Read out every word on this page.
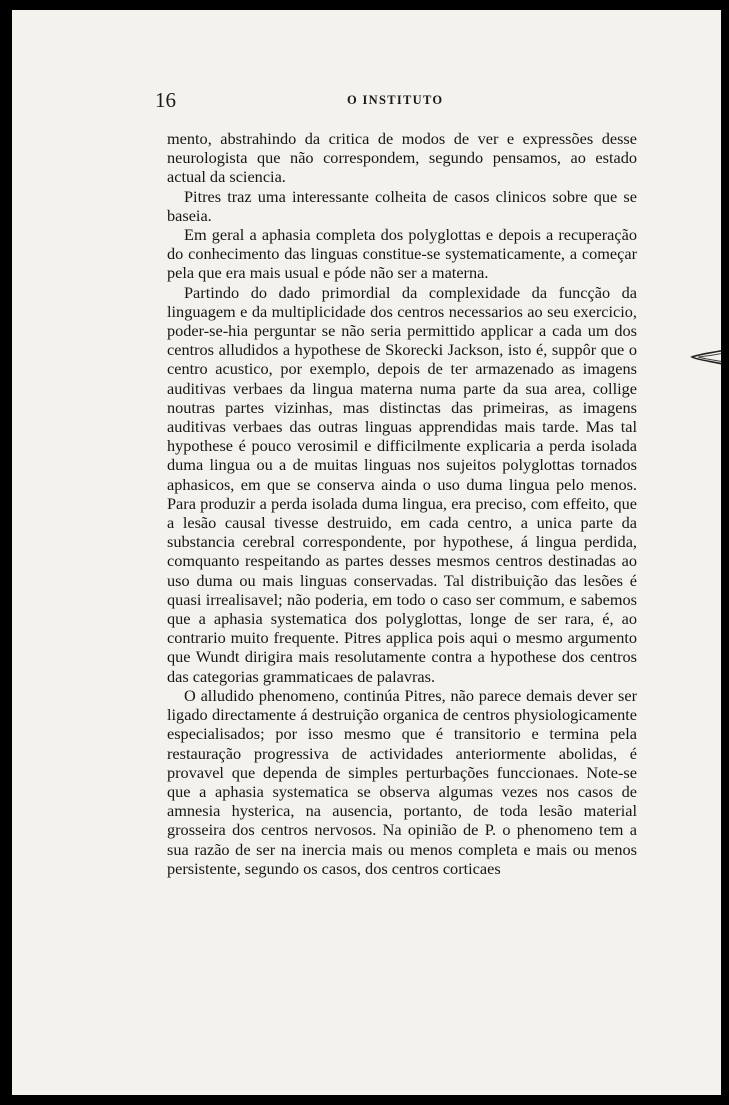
16	O INSTITUTO

mento, abstrahindo da critica de modos de ver e expressões desse neurologista que não correspondem, segundo pensamos, ao estado actual da sciencia.

Pitres traz uma interessante colheita de casos clinicos sobre que se baseia.

Em geral a aphasia completa dos polyglottas e depois a recuperação do conhecimento das linguas constitue-se systematicamente, a começar pela que era mais usual e póde não ser a materna.

Partindo do dado primordial da complexidade da funcção da linguagem e da multiplicidade dos centros necessarios ao seu exercicio, poder-se-hia perguntar se não seria permittido applicar a cada um dos centros alludidos a hypothese de Skorecki Jackson, isto é, suppôr que o centro acustico, por exemplo, depois de ter armazenado as imagens auditivas verbaes da lingua materna numa parte da sua area, collige noutras partes vizinhas, mas distinctas das primeiras, as imagens auditivas verbaes das outras linguas apprendidas mais tarde. Mas tal hypothese é pouco verosimil e difficilmente explicaria a perda isolada duma lingua ou a de muitas linguas nos sujeitos polyglottas tornados aphasicos, em que se conserva ainda o uso duma lingua pelo menos. Para produzir a perda isolada duma lingua, era preciso, com effeito, que a lesão causal tivesse destruido, em cada centro, a unica parte da substancia cerebral correspondente, por hypothese, á lingua perdida, comquanto respeitando as partes desses mesmos centros destinadas ao uso duma ou mais linguas conservadas. Tal distribuição das lesões é quasi irrealisavel; não poderia, em todo o caso ser commum, e sabemos que a aphasia systematica dos polyglottas, longe de ser rara, é, ao contrario muito frequente. Pitres applica pois aqui o mesmo argumento que Wundt dirigira mais resolutamente contra a hypothese dos centros das categorias grammaticaes de palavras.

O alludido phenomeno, continúa Pitres, não parece demais dever ser ligado directamente á destruição organica de centros physiologicamente especialisados; por isso mesmo que é transitorio e termina pela restauração progressiva de actividades anteriormente abolidas, é provavel que dependa de simples perturbações funccionaes. Note-se que a aphasia systematica se observa algumas vezes nos casos de amnesia hysterica, na ausencia, portanto, de toda lesão material grosseira dos centros nervosos. Na opinião de P. o phenomeno tem a sua razão de ser na inercia mais ou menos completa e mais ou menos persistente, segundo os casos, dos centros corticaes
